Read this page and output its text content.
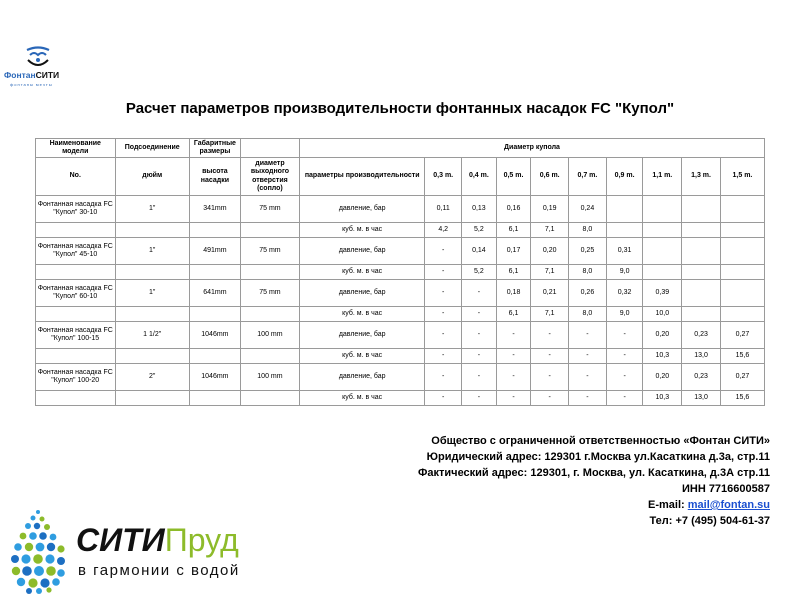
ФонтанСИТИ
фонтаны мечты
Расчет параметров производительности фонтанных насадок FC "Купол"
Наименование модели	Подсоединение	Габаритные размеры		Диаметр купола									
No.	дюйм	высота насадки	диаметр выходного отверстия (сопло)	параметры производительности	0,3 m.	0,4 m.	0,5 m.	0,6 m.	0,7 m.	0,9 m.	1,1 m.	1,3 m.	1,5 m.
Фонтанная насадка FC "Купол" 30-10	1"	341mm	75 mm	давление, бар	0,11	0,13	0,16	0,19	0,24				
				куб. м. в час	4,2	5,2	6,1	7,1	8,0				
Фонтанная насадка FC "Купол" 45-10	1"	491mm	75 mm	давление, бар	-	0,14	0,17	0,20	0,25	0,31			
				куб. м. в час	-	5,2	6,1	7,1	8,0	9,0			
Фонтанная насадка FC "Купол" 60-10	1"	641mm	75 mm	давление, бар	-	-	0,18	0,21	0,26	0,32	0,39		
				куб. м. в час	-	-	6,1	7,1	8,0	9,0	10,0		
Фонтанная насадка FC "Купол" 100-15	1 1/2"	1046mm	100 mm	давление, бар	-	-	-	-	-	-	0,20	0,23	0,27
				куб. м. в час	-	-	-	-	-	-	10,3	13,0	15,6
Фонтанная насадка FC "Купол" 100-20	2"	1046mm	100 mm	давление, бар	-	-	-	-	-	-	0,20	0,23	0,27
				куб. м. в час	-	-	-	-	-	-	10,3	13,0	15,6
Общество с ограниченной ответственностью «Фонтан СИТИ»
Юридический адрес: 129301 г.Москва ул.Касаткина д.3а, стр.11
Фактический адрес: 129301, г. Москва, ул. Касаткина, д.3А стр.11
ИНН 7716600587
E-mail: mail@fontan.su
Тел: +7 (495) 504-61-37
СИТИПруд
в гармонии с водой
